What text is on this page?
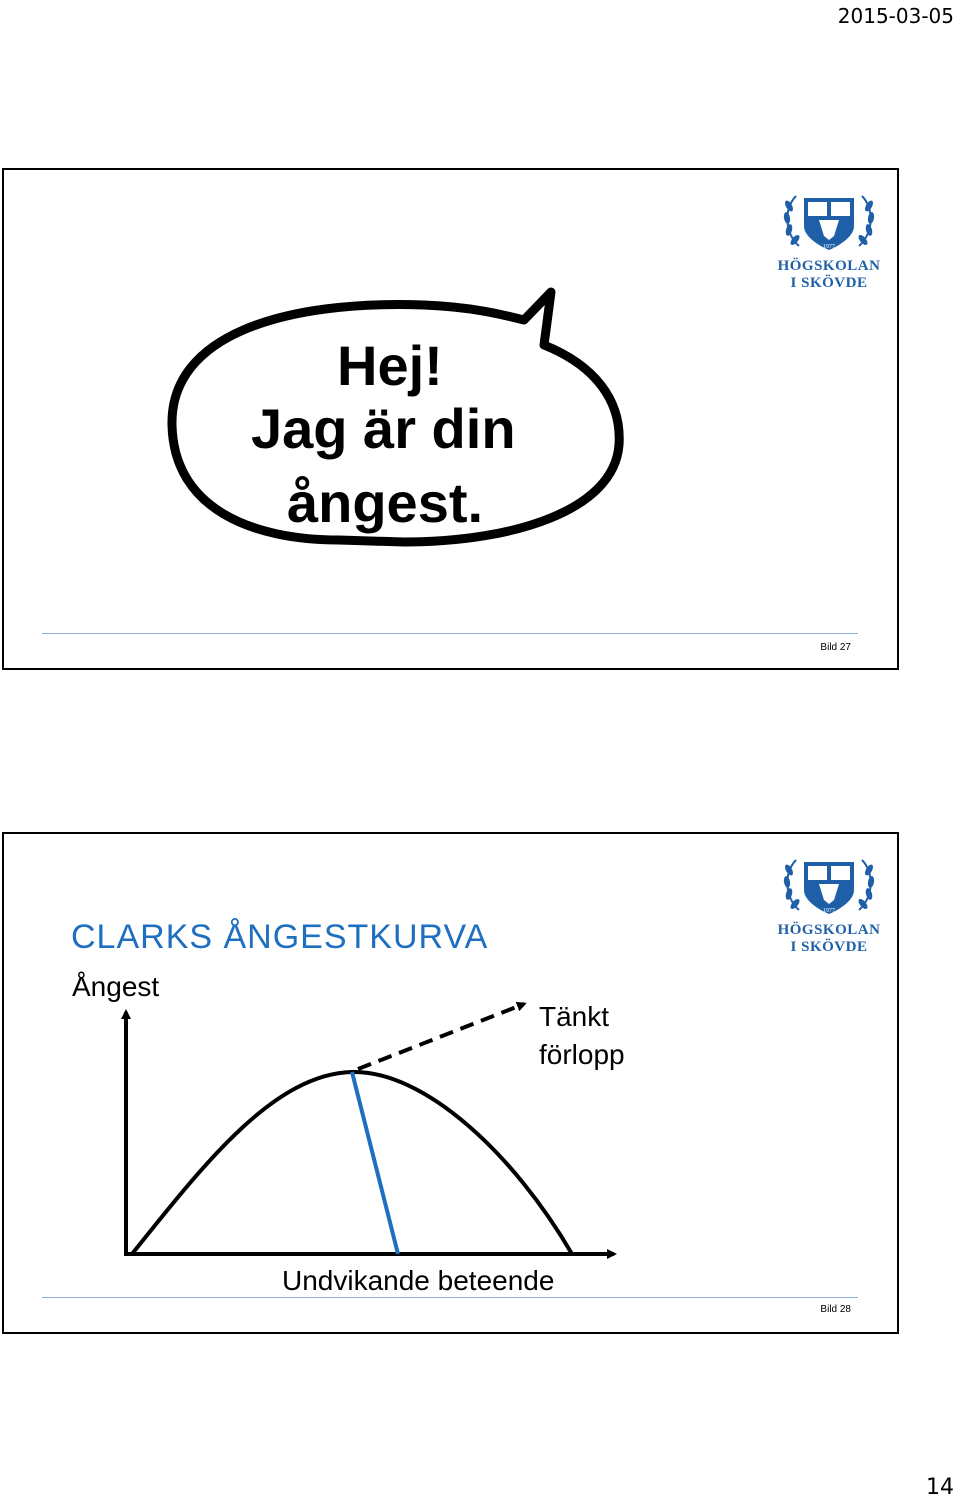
2015-03-05
Hej!
Jag är din
ångest.
1977
HÖGSKOLAN
I SKÖVDE
Bild 27
CLARKS ÅNGESTKURVA
1977
HÖGSKOLAN
I SKÖVDE
Ångest
Tänkt
förlopp
Undvikande beteende
Bild 28
14
